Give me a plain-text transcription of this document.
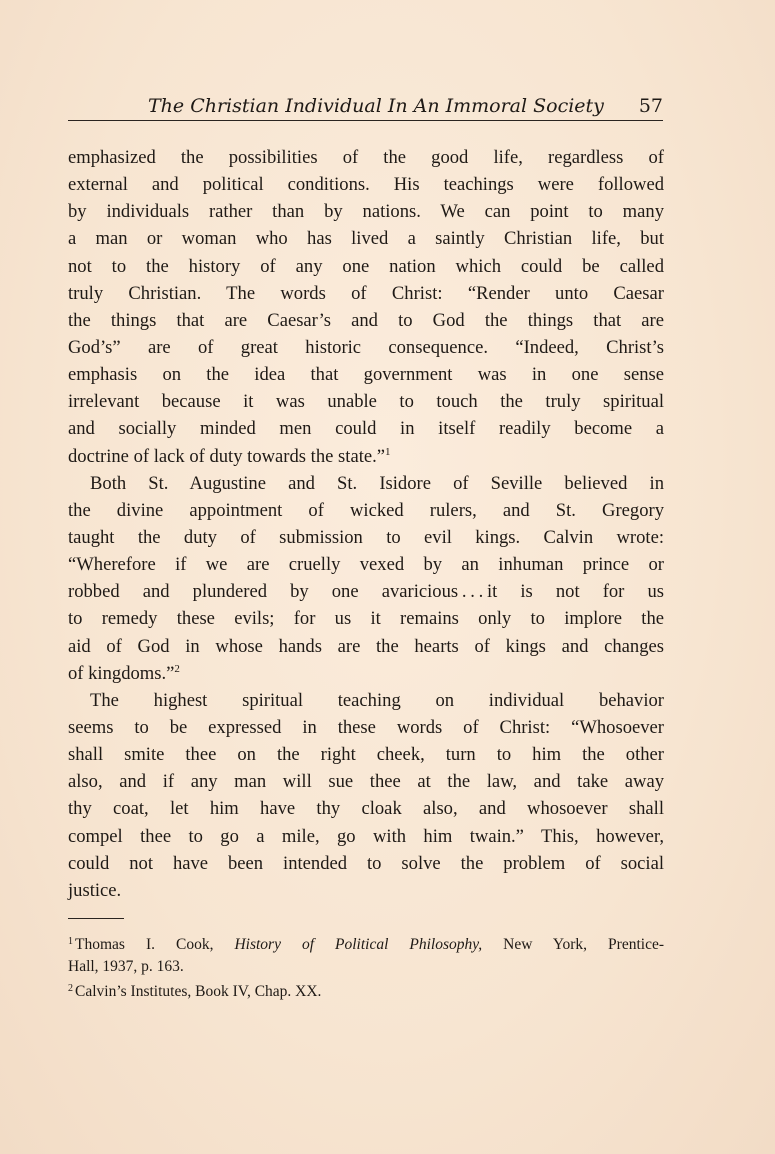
The Christian Individual In An Immoral Society 57
emphasized the possibilities of the good life, regardless of
external and political conditions. His teachings were followed
by individuals rather than by nations. We can point to many
a man or woman who has lived a saintly Christian life, but
not to the history of any one nation which could be called
truly Christian. The words of Christ: “Render unto Caesar
the things that are Caesar’s and to God the things that are
God’s” are of great historic consequence. “Indeed, Christ’s
emphasis on the idea that government was in one sense
irrelevant because it was unable to touch the truly spiritual
and socially minded men could in itself readily become a
doctrine of lack of duty towards the state.”$^1$
Both St. Augustine and St. Isidore of Seville believed in
the divine appointment of wicked rulers, and St. Gregory
taught the duty of submission to evil kings. Calvin wrote:
“Wherefore if we are cruelly vexed by an inhuman prince or
robbed and plundered by one avaricious . . . it is not for us
to remedy these evils; for us it remains only to implore the
aid of God in whose hands are the hearts of kings and changes
of kingdoms.”$^2$
The highest spiritual teaching on individual behavior
seems to be expressed in these words of Christ: “Whosoever
shall smite thee on the right cheek, turn to him the other
also, and if any man will sue thee at the law, and take away
thy coat, let him have thy cloak also, and whosoever shall
compel thee to go a mile, go with him twain.” This, however,
could not have been intended to solve the problem of social
justice.
$^1$ Thomas I. Cook, History of Political Philosophy, New York, Prentice-
Hall, 1937, p. 163.
$^2$ Calvin’s Institutes, Book IV, Chap. XX.
